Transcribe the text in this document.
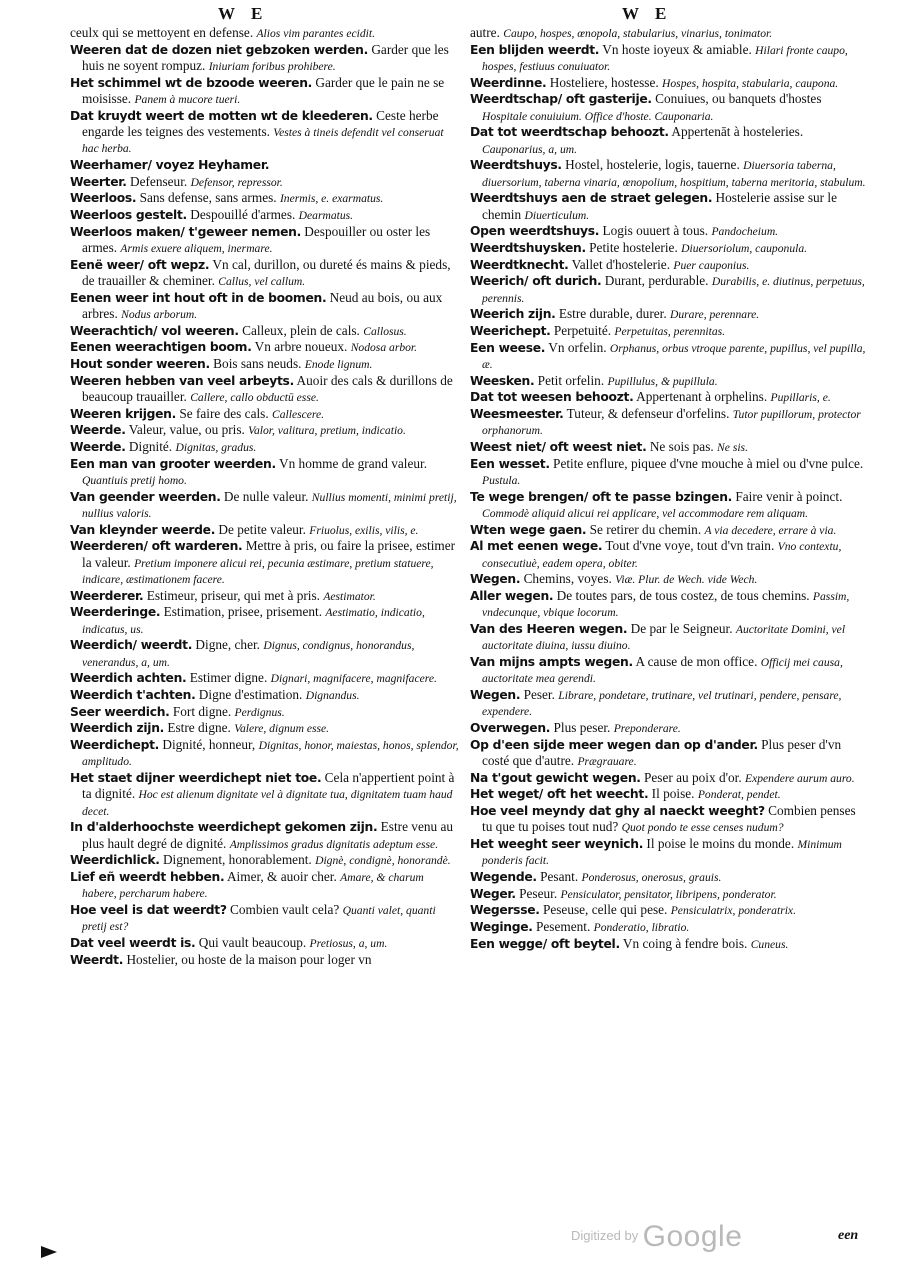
W E	W E
ceulx qui se mettoyent en defense. Alios vim parantes ecidit.
Weeren dat de dozen niet gebzoken werden. Garder que les huis ne soyent rompuz. Iniuriam foribus prohibere.
Het schimmel wt de bzoode weeren. Garder que le pain ne se moisisse. Panem à mucore tueri.
Dat kruydt weert de motten wt de kleederen. Ceste herbe engarde les teignes des vestements. Vestes à tineis defendit vel conseruat hac herba.
Weerhamer/ voyez Heyhamer.
Weerter. Defenseur. Defensor, repressor.
Weerloos. Sans defense, sans armes. Inermis, e. exarmatus.
Weerloos gestelt. Despouillé d'armes. Dearmatus.
Weerloos maken/ t'geweer nemen. Despouiller ou oster les armes. Armis exuere aliquem, inermare.
Eenë weer/ oft wepz. Vn cal, durillon, ou dureté és mains & pieds, de trauailler & cheminer. Callus, vel callum.
Eenen weer int hout oft in de boomen. Neud au bois, ou aux arbres. Nodus arborum.
Weerachtich/ vol weeren. Calleux, plein de cals. Callosus.
Eenen weerachtigen boom. Vn arbre noueux. Nodosa arbor.
Hout sonder weeren. Bois sans neuds. Enode lignum.
Weeren hebben van veel arbeyts. Auoir des cals & durillons de beaucoup trauailler. Callere, callo obductū esse.
Weeren krijgen. Se faire des cals. Callescere.
Weerde. Valeur, value, ou pris. Valor, valitura, pretium, indicatio.
Weerde. Dignité. Dignitas, gradus.
Een man van grooter weerden. Vn homme de grand valeur. Quantiuis pretij homo.
Van geender weerden. De nulle valeur. Nullius momenti, minimi pretij, nullius valoris.
Van kleynder weerde. De petite valeur. Friuolus, exilis, vilis, e.
Weerderen/ oft warderen. Mettre à pris, ou faire la prisee, estimer la valeur. Pretium imponere alicui rei, pecunia æstimare, pretium statuere, indicare, æstimationem facere.
Weerderer. Estimeur, priseur, qui met à pris. Aestimator.
Weerderinge. Estimation, prisee, prisement. Aestimatio, indicatio, indicatus, us.
Weerdich/ weerdt. Digne, cher. Dignus, condignus, honorandus, venerandus, a, um.
Weerdich achten. Estimer digne. Dignari, magnifacere, magnifacere.
Weerdich t'achten. Digne d'estimation. Dignandus.
Seer weerdich. Fort digne. Perdignus.
Weerdich zijn. Estre digne. Valere, dignum esse.
Weerdichept. Dignité, honneur, Dignitas, honor, maiestas, honos, splendor, amplitudo.
Het staet dijner weerdichept niet toe. Cela n'appertient point à ta dignité. Hoc est alienum dignitate vel à dignitate tua, dignitatem tuam haud decet.
In d'alderhoochste weerdichept gekomen zijn. Estre venu au plus hault degré de dignité. Amplissimos gradus dignitatis adeptum esse.
Weerdichlick. Dignement, honorablement. Dignè, condignè, honorandè.
Lief eñ weerdt hebben. Aimer, & auoir cher. Amare, & charum habere, percharum habere.
Hoe veel is dat weerdt? Combien vault cela? Quanti valet, quanti pretij est?
Dat veel weerdt is. Qui vault beaucoup. Pretiosus, a, um.
Weerdt. Hostelier, ou hoste de la maison pour loger vn
autre. Caupo, hospes, œnopola, stabularius, vinarius, tonimator.
Een blijden weerdt. Vn hoste ioyeux & amiable. Hilari fronte caupo, hospes, festiuus conuiuator.
Weerdinne. Hosteliere, hostesse. Hospes, hospita, stabularia, caupona.
Weerdtschap/ oft gasterije. Conuiues, ou banquets d'hostes Hospitale conuiuium. Office d'hoste. Cauponaria.
Dat tot weerdtschap behoozt. Appertenāt à hosteleries. Cauponarius, a, um.
Weerdtshuys. Hostel, hostelerie, logis, tauerne. Diuersoria taberna, diuersorium, taberna vinaria, œnopolium, hospitium, taberna meritoria, stabulum.
Weerdtshuys aen de straet gelegen. Hostelerie assise sur le chemin Diuerticulum.
Open weerdtshuys. Logis ouuert à tous. Pandocheium.
Weerdtshuysken. Petite hostelerie. Diuersoriolum, cauponula.
Weerdtknecht. Vallet d'hostelerie. Puer cauponius.
Weerich/ oft durich. Durant, perdurable. Durabilis, e. diutinus, perpetuus, perennis.
Weerich zijn. Estre durable, durer. Durare, perennare.
Weerichept. Perpetuité. Perpetuitas, perennitas.
Een weese. Vn orfelin. Orphanus, orbus vtroque parente, pupillus, vel pupilla, æ.
Weesken. Petit orfelin. Pupillulus, & pupillula.
Dat tot weesen behoozt. Appertenant à orphelins. Pupillaris, e.
Weesmeester. Tuteur, & defenseur d'orfelins. Tutor pupillorum, protector orphanorum.
Weest niet/ oft weest niet. Ne sois pas. Ne sis.
Een wesset. Petite enflure, piquee d'vne mouche à miel ou d'vne pulce. Pustula.
Te wege brengen/ oft te passe bzingen. Faire venir à poinct. Commodè aliquid alicui rei applicare, vel accommodare rem aliquam.
Wten wege gaen. Se retirer du chemin. A via decedere, errare à via.
Al met eenen wege. Tout d'vne voye, tout d'vn train. Vno contextu, consecutiuè, eadem opera, obiter.
Wegen. Chemins, voyes. Viæ. Plur. de Wech. vide Wech.
Aller wegen. De toutes pars, de tous costez, de tous chemins. Passim, vndecunque, vbique locorum.
Van des Heeren wegen. De par le Seigneur. Auctoritate Domini, vel auctoritate diuina, iussu diuino.
Van mijns ampts wegen. A cause de mon office. Officij mei causa, auctoritate mea gerendi.
Wegen. Peser. Librare, pondetare, trutinare, vel trutinari, pendere, pensare, expendere.
Overwegen. Plus peser. Preponderare.
Op d'een sijde meer wegen dan op d'ander. Plus peser d'vn costé que d'autre. Prægrauare.
Na t'gout gewicht wegen. Peser au poix d'or. Expendere aurum auro.
Het weget/ oft het weecht. Il poise. Ponderat, pendet.
Hoe veel meyndy dat ghy al naeckt weeght? Combien penses tu que tu poises tout nud? Quot pondo te esse censes nudum?
Het weeght seer weynich. Il poise le moins du monde. Minimum ponderis facit.
Wegende. Pesant. Ponderosus, onerosus, grauis.
Weger. Peseur. Pensiculator, pensitator, libripens, ponderator.
Wegersse. Peseuse, celle qui pese. Pensiculatrix, ponderatrix.
Weginge. Pesement. Ponderatio, libratio.
Een wegge/ oft beytel. Vn coing à fendre bois. Cuneus.
een
$^{Digitized by}$ Google
